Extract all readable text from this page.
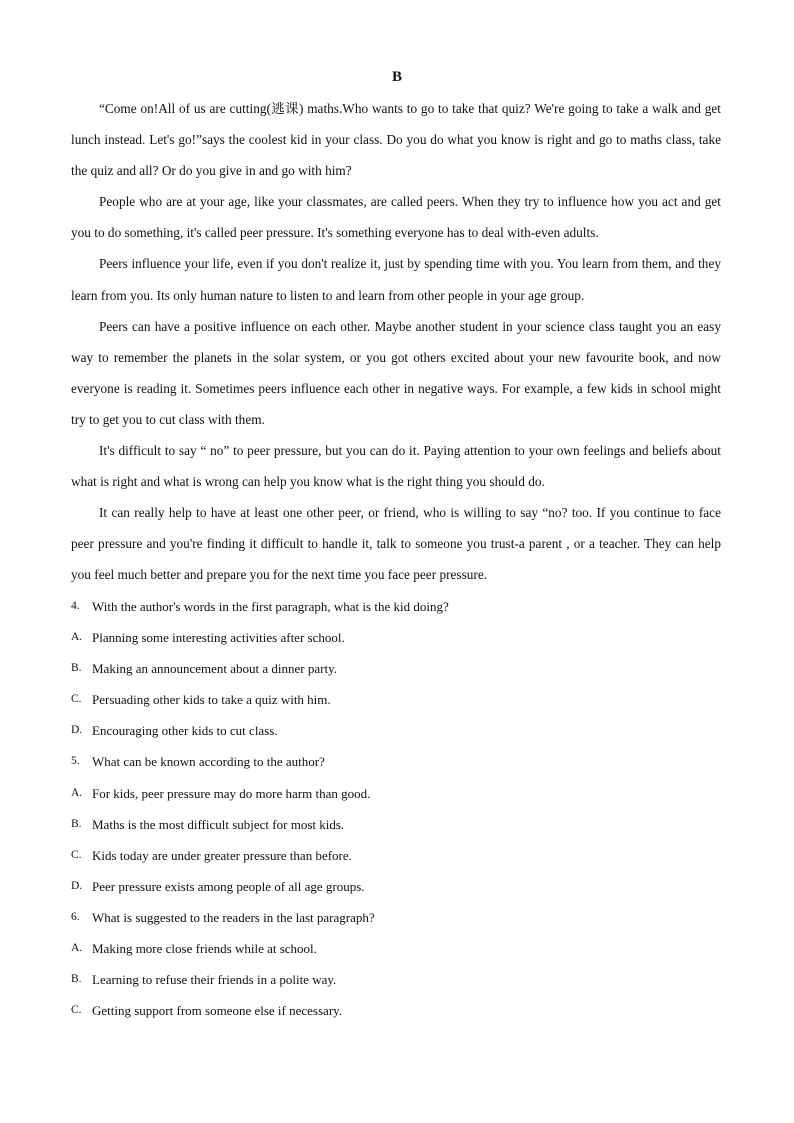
B

“Come on!All of us are cutting(逃课) maths.Who wants to go to take that quiz? We're going to take a walk and get lunch instead. Let's go!”says the coolest kid in your class. Do you do what you know is right and go to maths class, take the quiz and all? Or do you give in and go with him?

People who are at your age, like your classmates, are called peers. When they try to influence how you act and get you to do something, it's called peer pressure. It's something everyone has to deal with-even adults.

Peers influence your life, even if you don't realize it, just by spending time with you. You learn from them, and they learn from you. Its only human nature to listen to and learn from other people in your age group.

Peers can have a positive influence on each other. Maybe another student in your science class taught you an easy way to remember the planets in the solar system, or you got others excited about your new favourite book, and now everyone is reading it. Sometimes peers influence each other in negative ways. For example, a few kids in school might try to get you to cut class with them.

It's difficult to say “ no” to peer pressure, but you can do it. Paying attention to your own feelings and beliefs about what is right and what is wrong can help you know what is the right thing you should do.

It can really help to have at least one other peer, or friend, who is willing to say “no? too. If you continue to face peer pressure and you're finding it difficult to handle it, talk to someone you trust-a parent , or a teacher. They can help you feel much better and prepare you for the next time you face peer pressure.

4. With the author's words in the first paragraph, what is the kid doing?
A. Planning some interesting activities after school.
B. Making an announcement about a dinner party.
C. Persuading other kids to take a quiz with him.
D. Encouraging other kids to cut class.
5. What can be known according to the author?
A. For kids, peer pressure may do more harm than good.
B. Maths is the most difficult subject for most kids.
C. Kids today are under greater pressure than before.
D. Peer pressure exists among people of all age groups.
6. What is suggested to the readers in the last paragraph?
A. Making more close friends while at school.
B. Learning to refuse their friends in a polite way.
C. Getting support from someone else if necessary.
